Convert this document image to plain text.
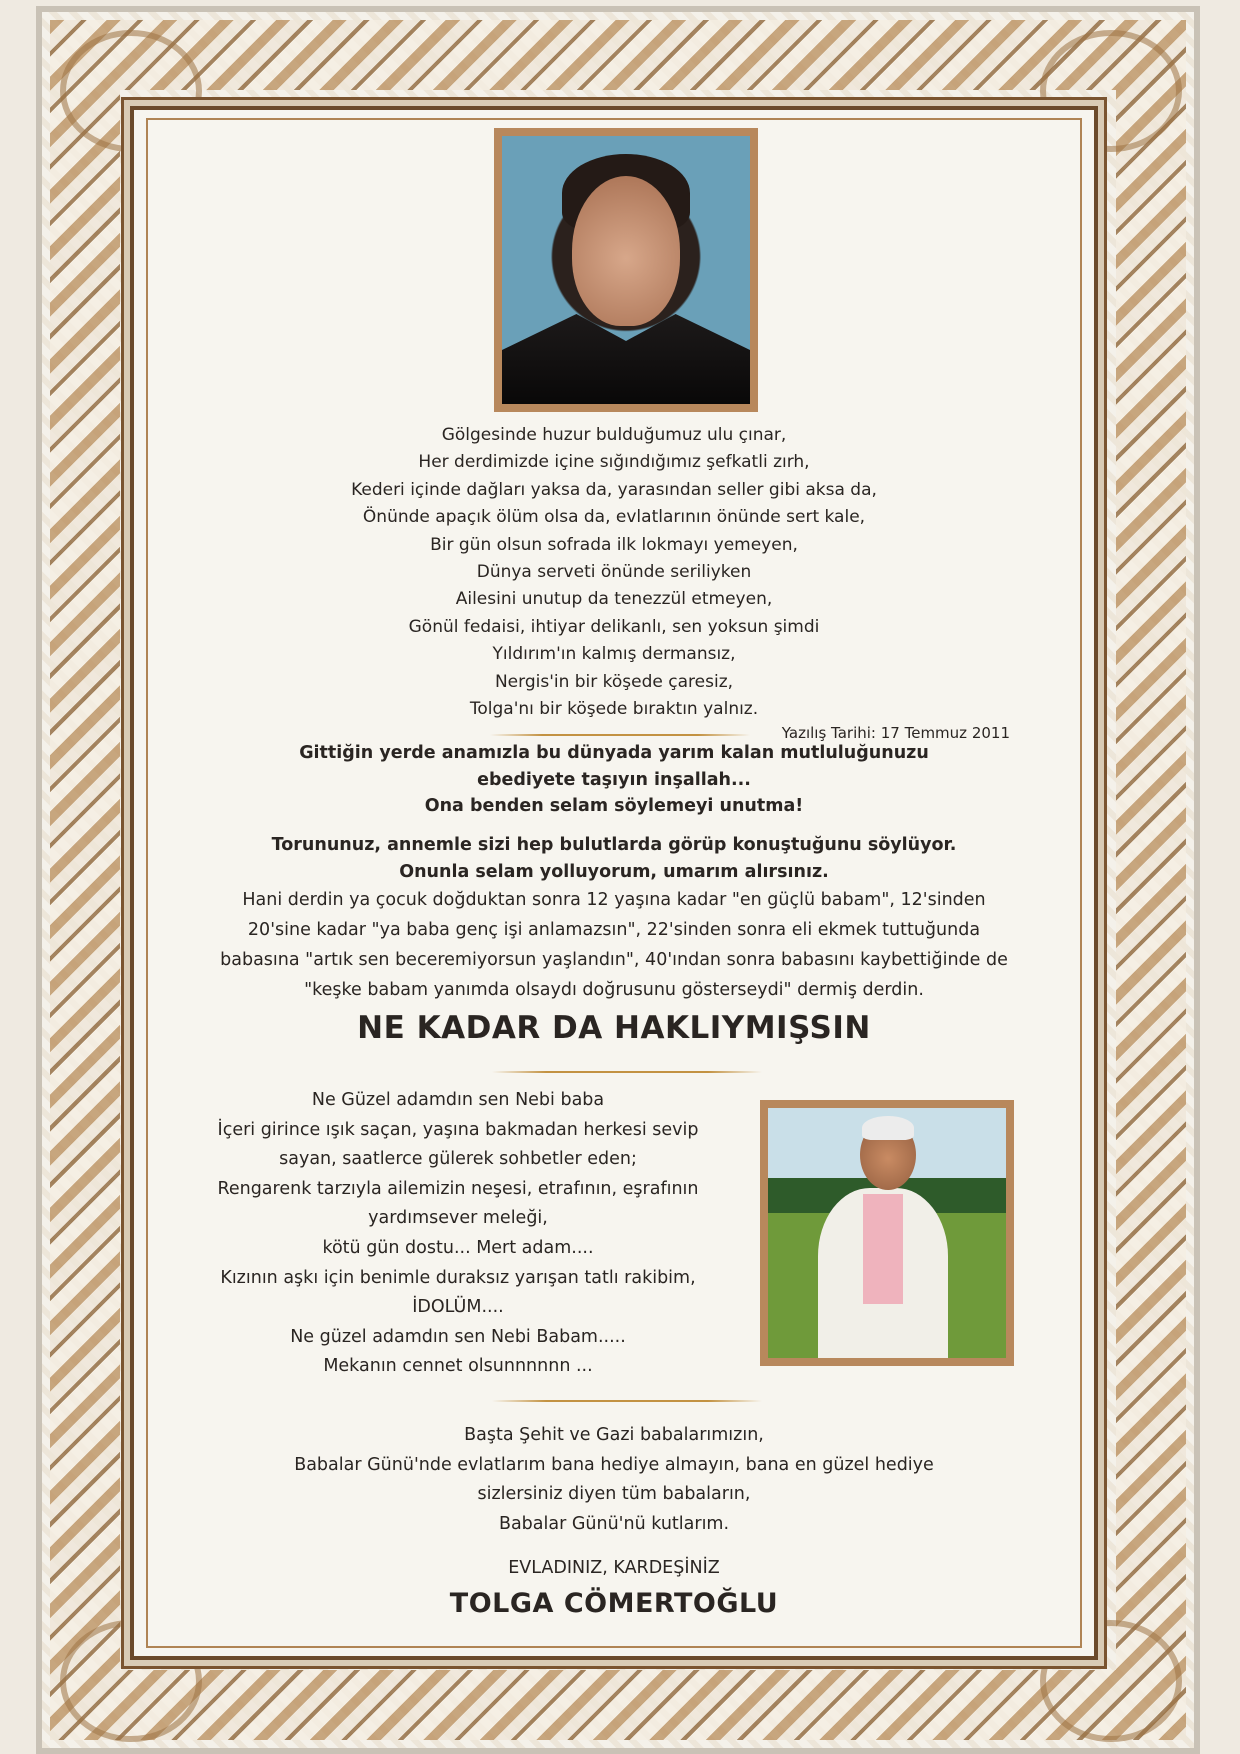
Gölgesinde huzur bulduğumuz ulu çınar,
Her derdimizde içine sığındığımız şefkatli zırh,
Kederi içinde dağları yaksa da, yarasından seller gibi aksa da,
Önünde apaçık ölüm olsa da, evlatlarının önünde sert kale,
Bir gün olsun sofrada ilk lokmayı yemeyen,
Dünya serveti önünde seriliyken
Ailesini unutup da tenezzül etmeyen,
Gönül fedaisi, ihtiyar delikanlı, sen yoksun şimdi
Yıldırım'ın kalmış dermansız,
Nergis'in bir köşede çaresiz,
Tolga'nı bir köşede bıraktın yalnız.
Yazılış Tarihi: 17 Temmuz 2011
Gittiğin yerde anamızla bu dünyada yarım kalan mutluluğunuzu
ebediyete taşıyın inşallah...
Ona benden selam söylemeyi unutma!
Torununuz, annemle sizi hep bulutlarda görüp konuştuğunu söylüyor.
Onunla selam yolluyorum, umarım alırsınız.
Hani derdin ya çocuk doğduktan sonra 12 yaşına kadar "en güçlü babam", 12'sinden 20'sine kadar "ya baba genç işi anlamazsın", 22'sinden sonra eli ekmek tuttuğunda babasına "artık sen beceremiyorsun yaşlandın", 40'ından sonra babasını kaybettiğinde de "keşke babam yanımda olsaydı doğrusunu gösterseydi" dermiş derdin.
NE KADAR DA HAKLIYMIŞSIN
Ne Güzel adamdın sen Nebi baba
İçeri girince ışık saçan, yaşına bakmadan herkesi sevip
sayan, saatlerce gülerek sohbetler eden;
Rengarenk tarzıyla ailemizin neşesi, etrafının, eşrafının
yardımsever meleği,
kötü gün dostu... Mert adam....
Kızının aşkı için benimle duraksız yarışan tatlı rakibim,
İDOLÜM....
Ne güzel adamdın sen Nebi Babam.....
Mekanın cennet olsunnnnnn ...
Başta Şehit ve Gazi babalarımızın,
Babalar Günü'nde evlatlarım bana hediye almayın, bana en güzel hediye
sizlersiniz diyen tüm babaların,
Babalar Günü'nü kutlarım.
EVLADINIZ, KARDEŞİNİZ
TOLGA CÖMERTOĞLU
